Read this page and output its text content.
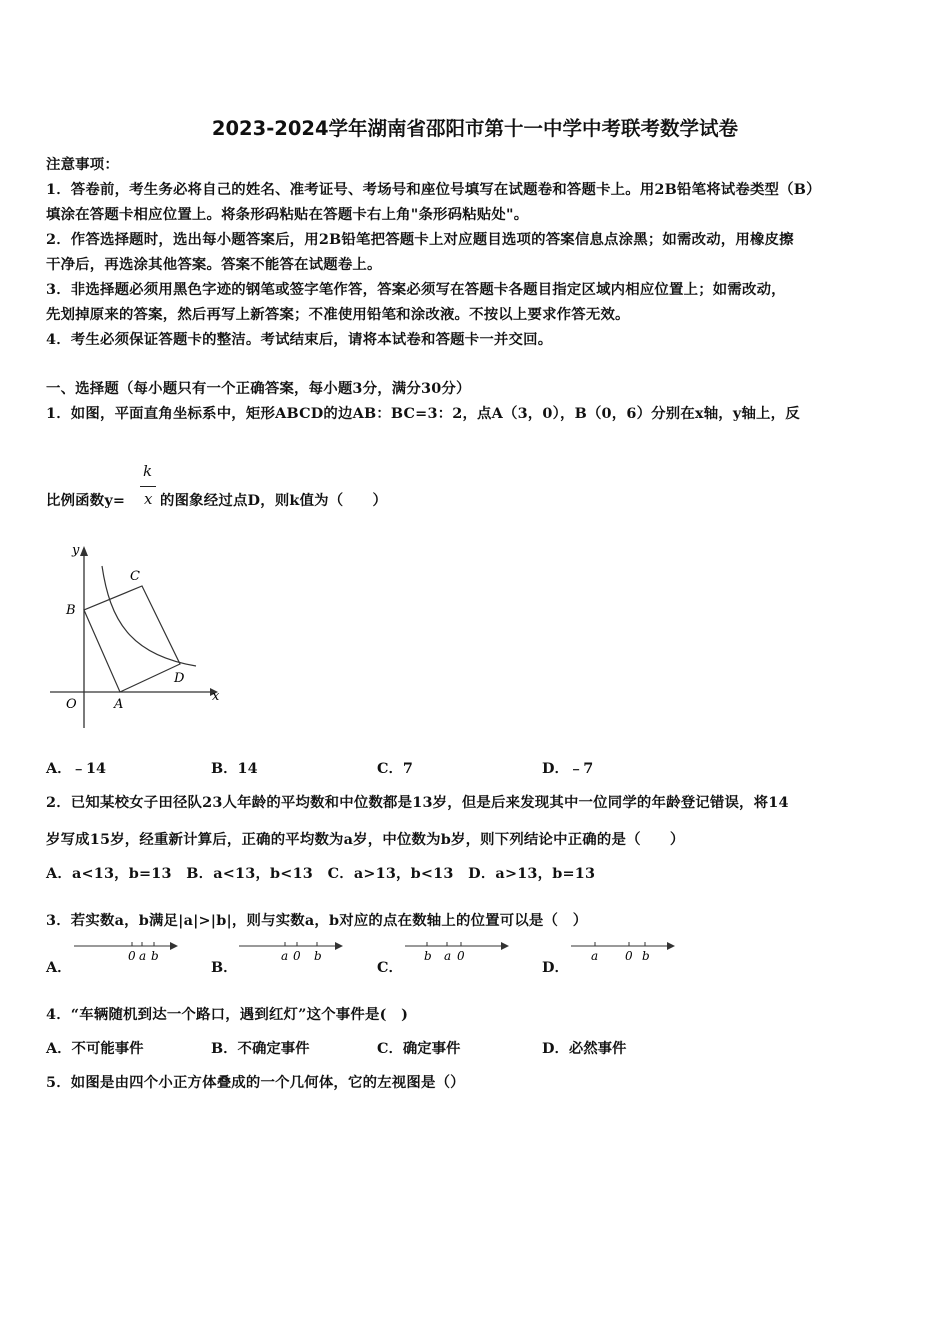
2023-2024学年湖南省邵阳市第十一中学中考联考数学试卷
注意事项：
1．答卷前，考生务必将自己的姓名、准考证号、考场号和座位号填写在试题卷和答题卡上。用2B铅笔将试卷类型（B）
填涂在答题卡相应位置上。将条形码粘贴在答题卡右上角"条形码粘贴处"。
2．作答选择题时，选出每小题答案后，用2B铅笔把答题卡上对应题目选项的答案信息点涂黑；如需改动，用橡皮擦
干净后，再选涂其他答案。答案不能答在试题卷上。
3．非选择题必须用黑色字迹的钢笔或签字笔作答，答案必须写在答题卡各题目指定区域内相应位置上；如需改动，
先划掉原来的答案，然后再写上新答案；不准使用铅笔和涂改液。不按以上要求作答无效。
4．考生必须保证答题卡的整洁。考试结束后，请将本试卷和答题卡一并交回。
一、选择题（每小题只有一个正确答案，每小题3分，满分30分）
1．如图，平面直角坐标系中，矩形ABCD的边AB：BC=3：2，点A（3，0），B（0，6）分别在x轴，y轴上，反
比例函数y=
k
x 的图象经过点D，则k值为（　　）
y
x
O	A
B
C
D
A．﹣14	B．14	C．7	D．﹣7
2．已知某校女子田径队23人年龄的平均数和中位数都是13岁，但是后来发现其中一位同学的年龄登记错误，将14
岁写成15岁，经重新计算后，正确的平均数为a岁，中位数为b岁，则下列结论中正确的是（　　）
A．a<13，b=13　B．a<13，b<13　C．a>13，b<13　D．a>13，b=13
3．若实数a，b满足|a|>|b|，则与实数a，b对应的点在数轴上的位置可以是（　）
A．
0 a b
B．
a 0 b
C．
b a 0
D．
a 0 b
4．“车辆随机到达一个路口，遇到红灯”这个事件是(　)
A．不可能事件	B．不确定事件	C．确定事件	D．必然事件
5．如图是由四个小正方体叠成的一个几何体，它的左视图是（）
